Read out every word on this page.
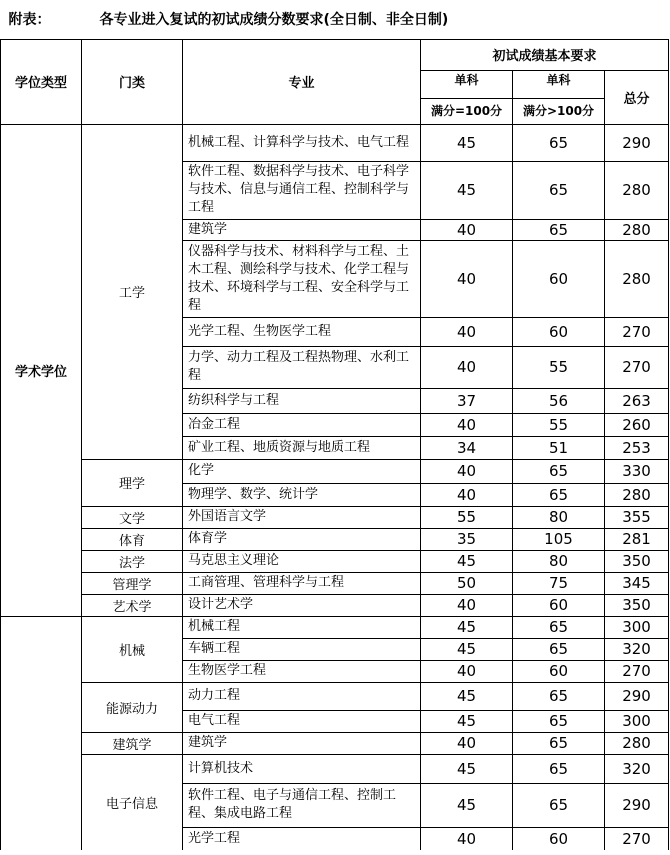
附表：	各专业进入复试的初试成绩分数要求(全日制、非全日制)				
学位类型	门类	专业	初试成绩基本要求		
			单科	单科	总分
			满分=100分	满分>100分	
学术学位	工学	机械工程、计算科学与技术、电气工程	45	65	290
		软件工程、数据科学与技术、电子科学与技术、信息与通信工程、控制科学与工程	45	65	280
		建筑学	40	65	280
		仪器科学与技术、材料科学与工程、土木工程、测绘科学与技术、化学工程与技术、环境科学与工程、安全科学与工程	40	60	280
		光学工程、生物医学工程	40	60	270
		力学、动力工程及工程热物理、水利工程	40	55	270
		纺织科学与工程	37	56	263
		冶金工程	40	55	260
		矿业工程、地质资源与地质工程	34	51	253
	理学	化学	40	65	330
		物理学、数学、统计学	40	65	280
	文学	外国语言文学	55	80	355
	体育	体育学	35	105	281
	法学	马克思主义理论	45	80	350
	管理学	工商管理、管理科学与工程	50	75	345
	艺术学	设计艺术学	40	60	350
	机械	机械工程	45	65	300
		车辆工程	45	65	320
		生物医学工程	40	60	270
	能源动力	动力工程	45	65	290
		电气工程	45	65	300
	建筑学	建筑学	40	65	280
	电子信息	计算机技术	45	65	320
		软件工程、电子与通信工程、控制工程、集成电路工程	45	65	290
		光学工程	40	60	270
